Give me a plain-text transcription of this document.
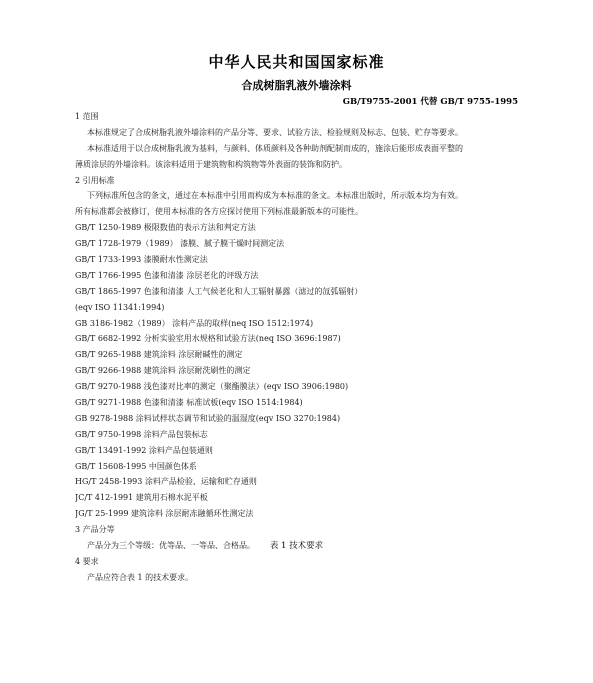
中华人民共和国国家标准
合成树脂乳液外墙涂料
GB/T9755-2001 代替 GB/T 9755-1995
1 范围
本标准规定了合成树脂乳液外墙涂料的产品分等、要求、试验方法、检验规则及标志、包装、贮存等要求。
本标准适用于以合成树脂乳液为基料，与颜料、体质颜料及各种助剂配制而成的，施涂后能形成表面平整的
薄质涂层的外墙涂料。该涂料适用于建筑物和构筑物等外表面的装饰和防护。
2 引用标准
下列标准所包含的条文，通过在本标准中引用而构成为本标准的条文。本标准出版时，所示版本均为有效。
所有标准都会被修订，使用本标准的各方应探讨使用下列标准最新版本的可能性。
GB/T 1250-1989 极限数值的表示方法和判定方法
GB/T 1728-1979（1989） 漆膜、腻子膜干燥时间测定法
GB/T 1733-1993 漆膜耐水性测定法
GB/T 1766-1995 色漆和清漆 涂层老化的评级方法
GB/T 1865-1997 色漆和清漆 人工气候老化和人工辐射暴露（滤过的氙弧辐射）
(eqv ISO 11341:1994)
GB 3186-1982（1989） 涂料产品的取样(neq ISO 1512:1974)
GB/T 6682-1992 分析实验室用水规格和试验方法(neq ISO 3696:1987)
GB/T 9265-1988 建筑涂料 涂层耐碱性的测定
GB/T 9266-1988 建筑涂料 涂层耐洗刷性的测定
GB/T 9270-1988 浅色漆对比率的测定（聚酯膜法）(eqv ISO 3906:1980)
GB/T 9271-1988 色漆和清漆 标准试板(eqv ISO 1514:1984)
GB 9278-1988 涂料试样状态调节和试验的温湿度(eqv ISO 3270:1984)
GB/T 9750-1998 涂料产品包装标志
GB/T 13491-1992 涂料产品包装通则
GB/T 15608-1995 中国颜色体系
HG/T 2458-1993 涂料产品检验、运输和贮存通则
JC/T 412-1991 建筑用石棉水泥平板
JG/T 25-1999 建筑涂料 涂层耐冻融循环性测定法
3 产品分等
产品分为三个等级：优等品、一等品、合格品。
4 要求
产品应符合表 1 的技术要求。
表 1 技术要求
